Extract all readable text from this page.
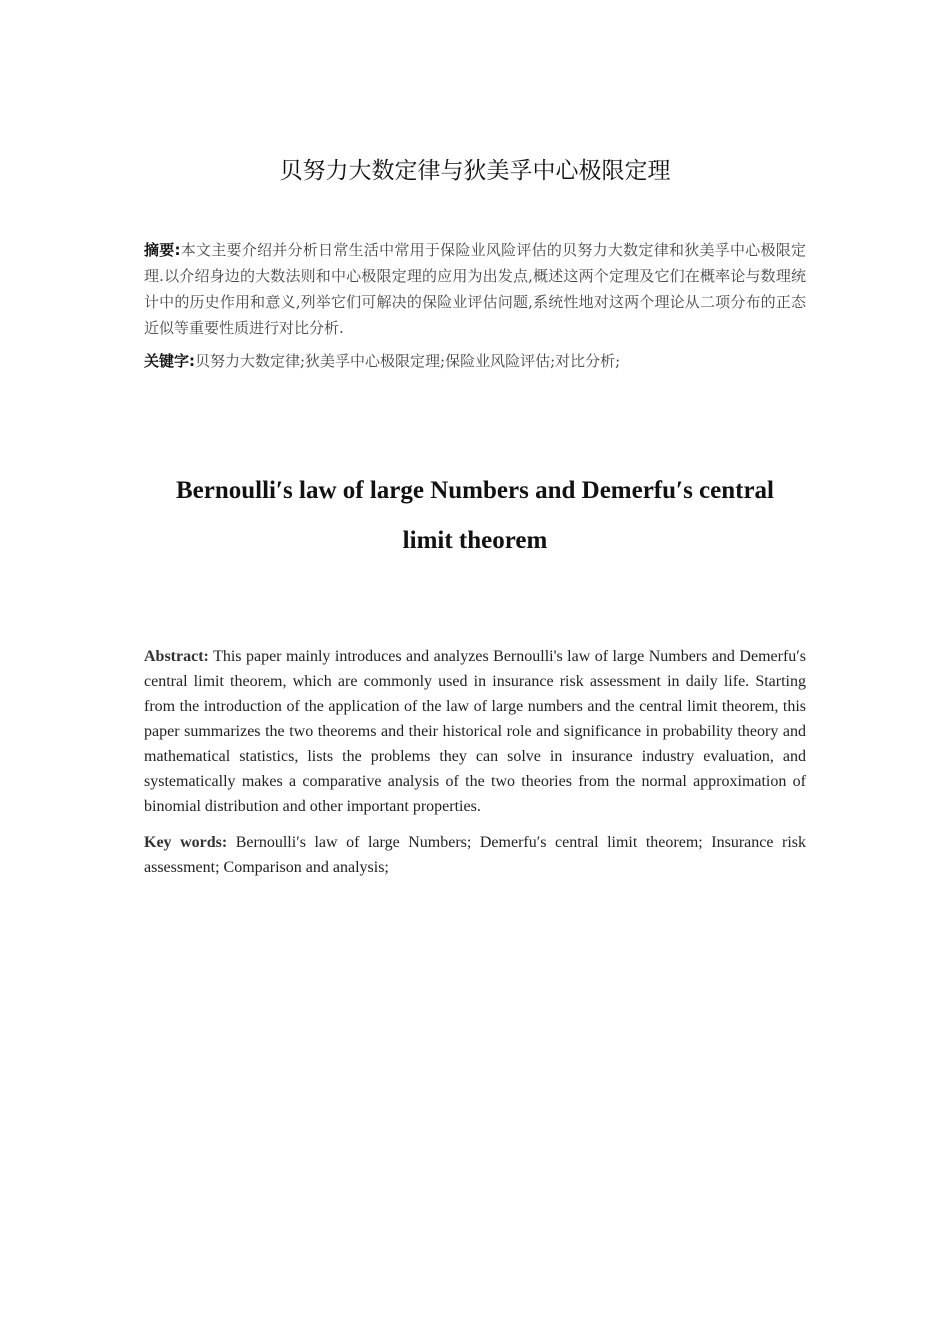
贝努力大数定律与狄美孚中心极限定理

摘要:本文主要介绍并分析日常生活中常用于保险业风险评估的贝努力大数定律和狄美孚中心极限定理.以介绍身边的大数法则和中心极限定理的应用为出发点,概述这两个定理及它们在概率论与数理统计中的历史作用和意义,列举它们可解决的保险业评估问题,系统性地对这两个理论从二项分布的正态近似等重要性质进行对比分析.

关键字:贝努力大数定律;狄美孚中心极限定理;保险业风险评估;对比分析;

Bernoulli′s law of large Numbers and Demerfu′s central
limit theorem

Abstract: This paper mainly introduces and analyzes Bernoulli's law of large Numbers and Demerfu′s central limit theorem, which are commonly used in insurance risk assessment in daily life. Starting from the introduction of the application of the law of large numbers and the central limit theorem, this paper summarizes the two theorems and their historical role and significance in probability theory and mathematical statistics, lists the problems they can solve in insurance industry evaluation, and systematically makes a comparative analysis of the two theories from the normal approximation of binomial distribution and other important properties.

Key words: Bernoulli′s law of large Numbers; Demerfu′s central limit theorem; Insurance risk assessment; Comparison and analysis;
